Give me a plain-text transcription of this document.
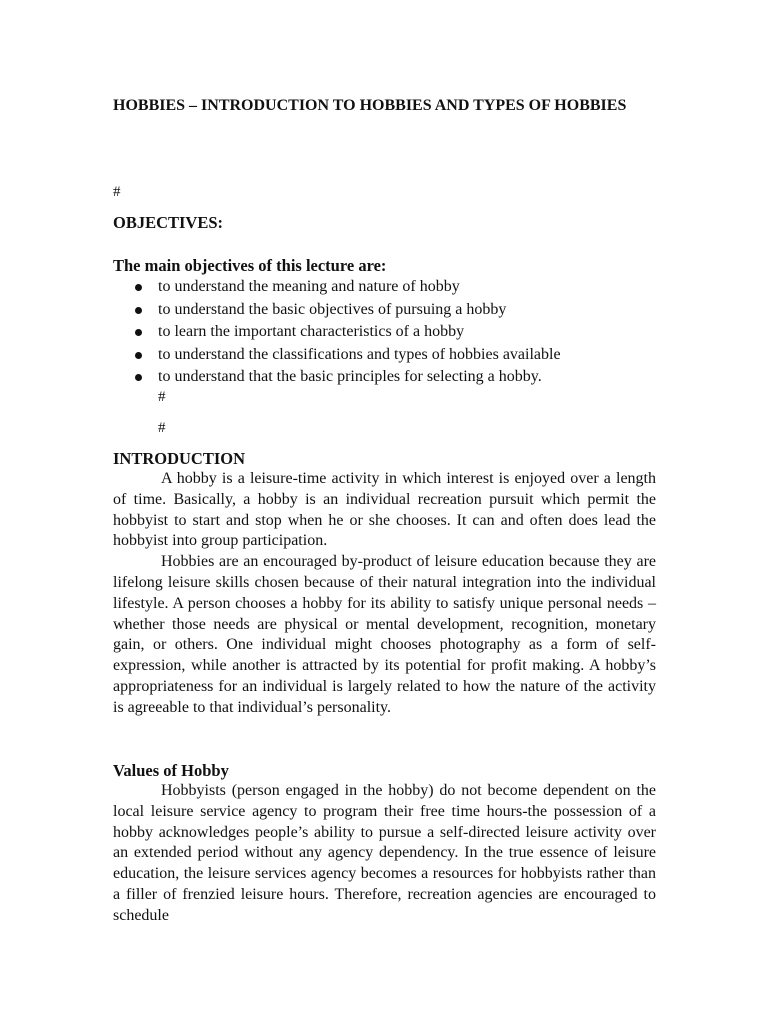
HOBBIES – INTRODUCTION TO HOBBIES AND TYPES OF HOBBIES

#
OBJECTIVES:
The main objectives of this lecture are:
to understand the meaning and nature of hobby
to understand the basic objectives of pursuing a hobby
to learn the important characteristics of a hobby
to understand the classifications and types of hobbies available
to understand that the basic principles for selecting a hobby.
#
#
INTRODUCTION

A hobby is a leisure-time activity in which interest is enjoyed over a length of time. Basically, a hobby is an individual recreation pursuit which permit the hobbyist to start and stop when he or she chooses. It can and often does lead the hobbyist into group participation.

Hobbies are an encouraged by-product of leisure education because they are lifelong leisure skills chosen because of their natural integration into the individual lifestyle. A person chooses a hobby for its ability to satisfy unique personal needs – whether those needs are physical or mental development, recognition, monetary gain, or others. One individual might chooses photography as a form of self-expression, while another is attracted by its potential for profit making. A hobby’s appropriateness for an individual is largely related to how the nature of the activity is agreeable to that individual’s personality.

Values of Hobby

Hobbyists (person engaged in the hobby) do not become dependent on the local leisure service agency to program their free time hours-the possession of a hobby acknowledges people’s ability to pursue a self-directed leisure activity over an extended period without any agency dependency. In the true essence of leisure education, the leisure services agency becomes a resources for hobbyists rather than a filler of frenzied leisure hours. Therefore, recreation agencies are encouraged to schedule
